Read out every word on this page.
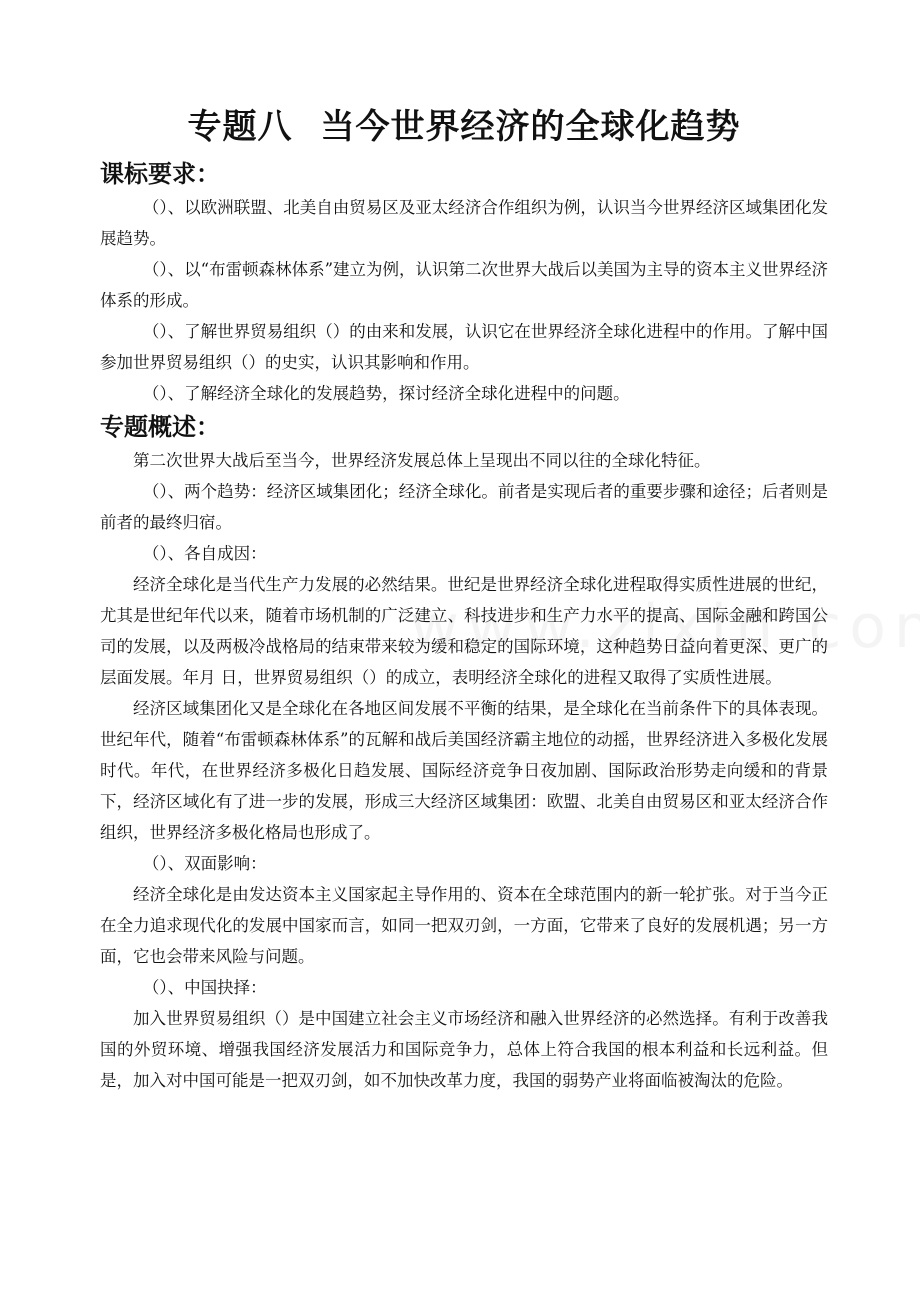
专题八 当今世界经济的全球化趋势
课标要求：

（）、以欧洲联盟、北美自由贸易区及亚太经济合作组织为例，认识当今世界经济区域集团化发展趋势。

（）、以“布雷顿森林体系”建立为例，认识第二次世界大战后以美国为主导的资本主义世界经济体系的形成。

（）、了解世界贸易组织（）的由来和发展，认识它在世界经济全球化进程中的作用。了解中国参加世界贸易组织（）的史实，认识其影响和作用。

（）、了解经济全球化的发展趋势，探讨经济全球化进程中的问题。

专题概述：

第二次世界大战后至当今，世界经济发展总体上呈现出不同以往的全球化特征。

（）、两个趋势：经济区域集团化；经济全球化。前者是实现后者的重要步骤和途径；后者则是前者的最终归宿。

（）、各自成因：

经济全球化是当代生产力发展的必然结果。世纪是世界经济全球化进程取得实质性进展的世纪，尤其是世纪年代以来，随着市场机制的广泛建立、科技进步和生产力水平的提高、国际金融和跨国公司的发展，以及两极冷战格局的结束带来较为缓和稳定的国际环境，这种趋势日益向着更深、更广的层面发展。年月 日，世界贸易组织（）的成立，表明经济全球化的进程又取得了实质性进展。

经济区域集团化又是全球化在各地区间发展不平衡的结果，是全球化在当前条件下的具体表现。世纪年代，随着“布雷顿森林体系”的瓦解和战后美国经济霸主地位的动摇，世界经济进入多极化发展时代。年代，在世界经济多极化日趋发展、国际经济竞争日夜加剧、国际政治形势走向缓和的背景下，经济区域化有了进一步的发展，形成三大经济区域集团：欧盟、北美自由贸易区和亚太经济合作组织，世界经济多极化格局也形成了。

（）、双面影响：

经济全球化是由发达资本主义国家起主导作用的、资本在全球范围内的新一轮扩张。对于当今正在全力追求现代化的发展中国家而言，如同一把双刃剑，一方面，它带来了良好的发展机遇；另一方面，它也会带来风险与问题。

（）、中国抉择：

加入世界贸易组织（）是中国建立社会主义市场经济和融入世界经济的必然选择。有利于改善我国的外贸环境、增强我国经济发展活力和国际竞争力，总体上符合我国的根本利益和长远利益。但是，加入对中国可能是一把双刃剑，如不加快改革力度，我国的弱势产业将面临被淘汰的危险。
